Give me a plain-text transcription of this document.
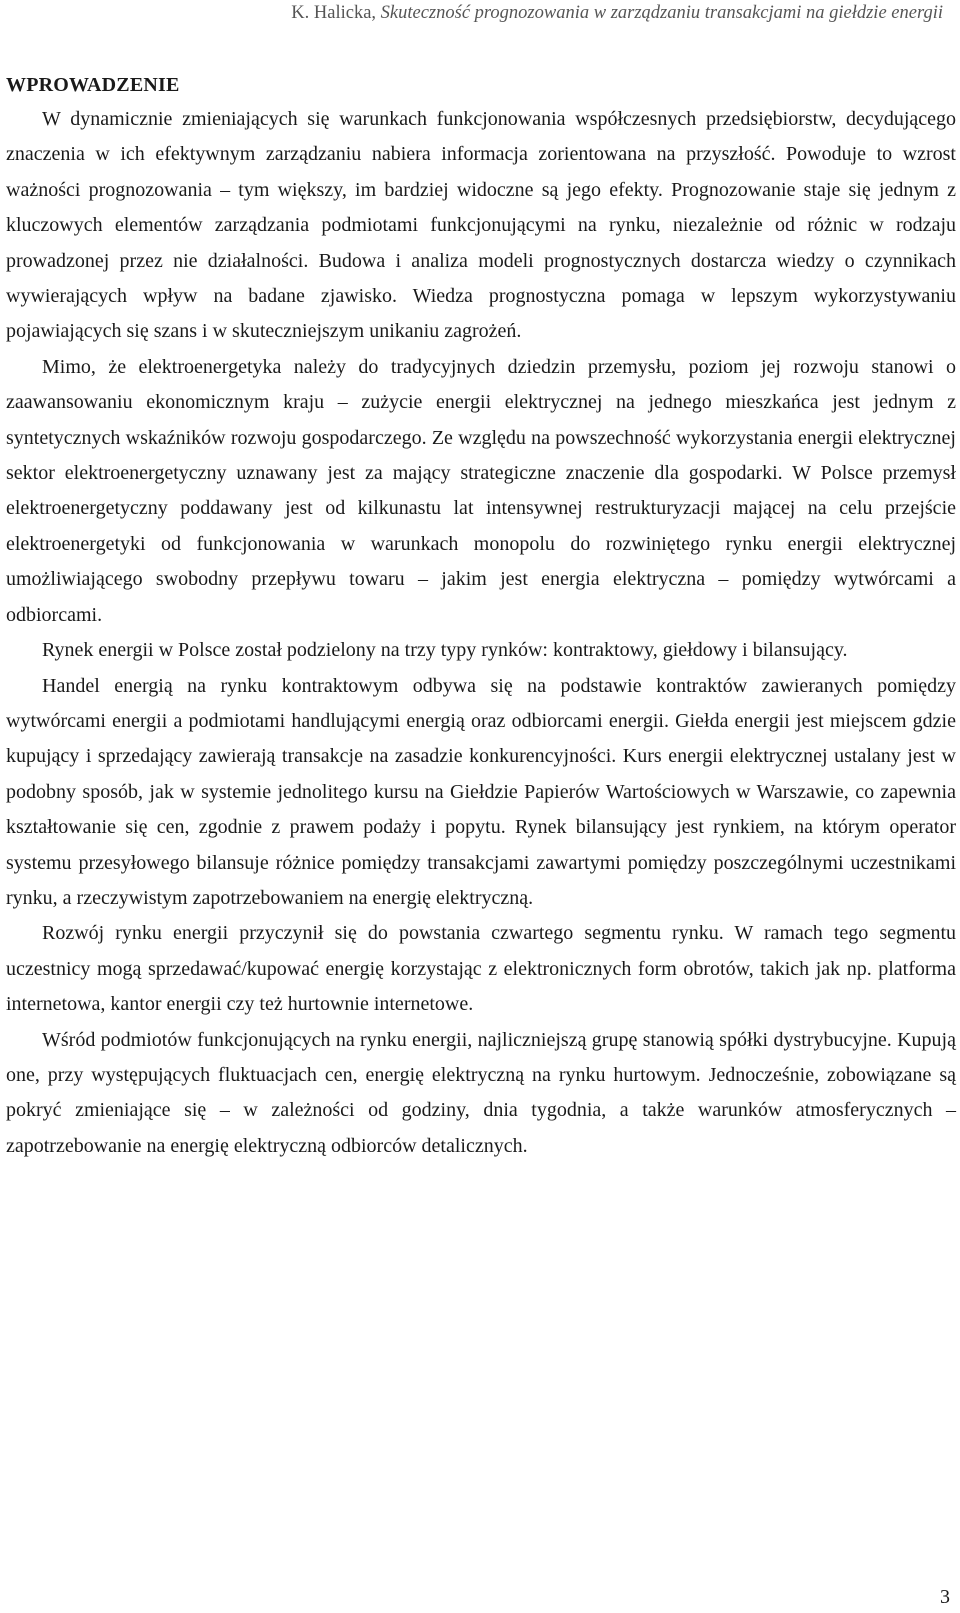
K. Halicka, Skuteczność prognozowania w zarządzaniu transakcjami na giełdzie energii
WPROWADZENIE

W dynamicznie zmieniających się warunkach funkcjonowania współczesnych przedsiębiorstw, decydującego znaczenia w ich efektywnym zarządzaniu nabiera informacja zorientowana na przyszłość. Powoduje to wzrost ważności prognozowania – tym większy, im bardziej widoczne są jego efekty. Prognozowanie staje się jednym z kluczowych elementów zarządzania podmiotami funkcjonującymi na rynku, niezależnie od różnic w rodzaju prowadzonej przez nie działalności. Budowa i analiza modeli prognostycznych dostarcza wiedzy o czynnikach wywierających wpływ na badane zjawisko. Wiedza prognostyczna pomaga w lepszym wykorzystywaniu pojawiających się szans i w skuteczniejszym unikaniu zagrożeń.

Mimo, że elektroenergetyka należy do tradycyjnych dziedzin przemysłu, poziom jej rozwoju stanowi o zaawansowaniu ekonomicznym kraju – zużycie energii elektrycznej na jednego mieszkańca jest jednym z syntetycznych wskaźników rozwoju gospodarczego. Ze względu na powszechność wykorzystania energii elektrycznej sektor elektroenergetyczny uznawany jest za mający strategiczne znaczenie dla gospodarki. W Polsce przemysł elektroenergetyczny poddawany jest od kilkunastu lat intensywnej restrukturyzacji mającej na celu przejście elektroenergetyki od funkcjonowania w warunkach monopolu do rozwiniętego rynku energii elektrycznej umożliwiającego swobodny przepływu towaru – jakim jest energia elektryczna – pomiędzy wytwórcami a odbiorcami.

Rynek energii w Polsce został podzielony na trzy typy rynków: kontraktowy, giełdowy i bilansujący.

Handel energią na rynku kontraktowym odbywa się na podstawie kontraktów zawieranych pomiędzy wytwórcami energii a podmiotami handlującymi energią oraz odbiorcami energii. Giełda energii jest miejscem gdzie kupujący i sprzedający zawierają transakcje na zasadzie konkurencyjności. Kurs energii elektrycznej ustalany jest w podobny sposób, jak w systemie jednolitego kursu na Giełdzie Papierów Wartościowych w Warszawie, co zapewnia kształtowanie się cen, zgodnie z prawem podaży i popytu. Rynek bilansujący jest rynkiem, na którym operator systemu przesyłowego bilansuje różnice pomiędzy transakcjami zawartymi pomiędzy poszczególnymi uczestnikami rynku, a rzeczywistym zapotrzebowaniem na energię elektryczną.

Rozwój rynku energii przyczynił się do powstania czwartego segmentu rynku. W ramach tego segmentu uczestnicy mogą sprzedawać/kupować energię korzystając z elektronicznych form obrotów, takich jak np. platforma internetowa, kantor energii czy też hurtownie internetowe.

Wśród podmiotów funkcjonujących na rynku energii, najliczniejszą grupę stanowią spółki dystrybucyjne. Kupują one, przy występujących fluktuacjach cen, energię elektryczną na rynku hurtowym. Jednocześnie, zobowiązane są pokryć zmieniające się – w zależności od godziny, dnia tygodnia, a także warunków atmosferycznych – zapotrzebowanie na energię elektryczną odbiorców detalicznych.

3
